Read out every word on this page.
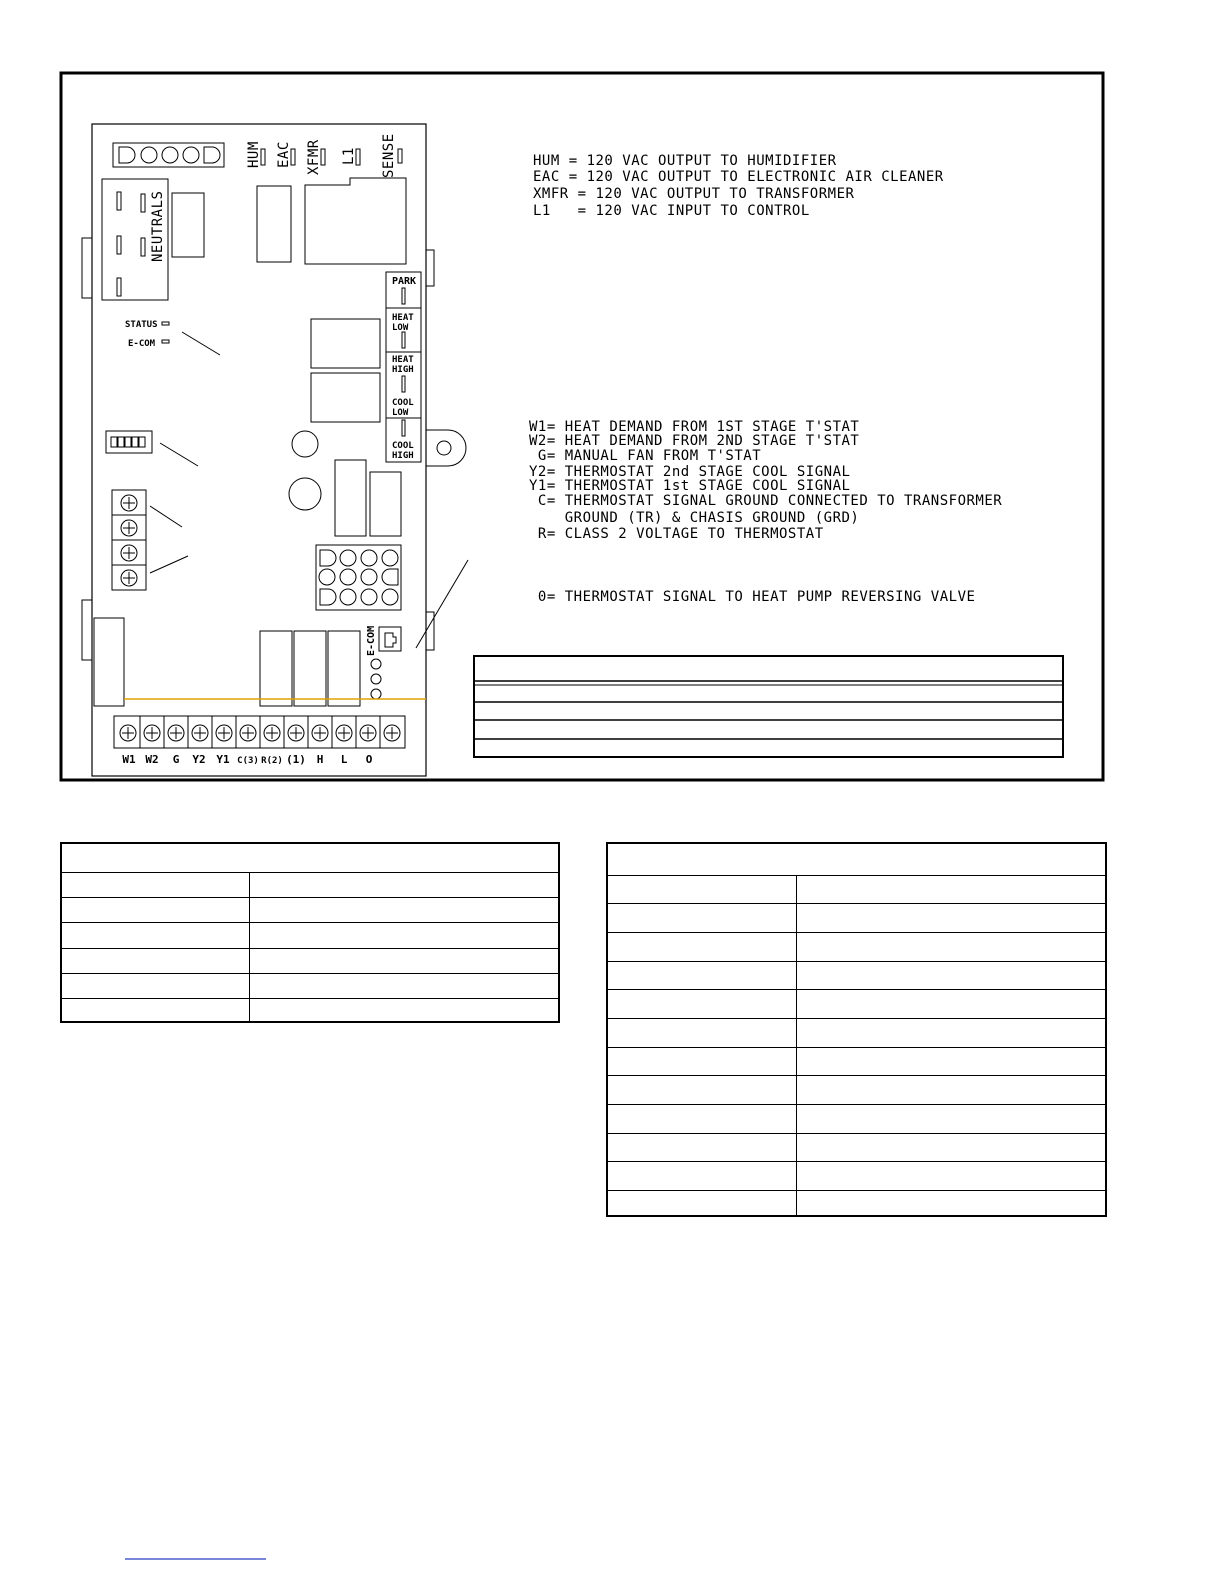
HUM EAC XFMR L1 SENSE
NEUTRALS
PARK
HEAT
LOW
HEAT
HIGH
COOL
LOW
COOL
HIGH
STATUS
E-COM
E-COM
W1 W2 G Y2 Y1 C(3) R(2) (1) H L O
HUM = 120 VAC OUTPUT TO HUMIDIFIER
EAC = 120 VAC OUTPUT TO ELECTRONIC AIR CLEANER
XMFR = 120 VAC OUTPUT TO TRANSFORMER
L1   = 120 VAC INPUT TO CONTROL
W1= HEAT DEMAND FROM 1ST STAGE T'STAT
W2= HEAT DEMAND FROM 2ND STAGE T'STAT
G= MANUAL FAN FROM T'STAT
Y2= THERMOSTAT 2nd STAGE COOL SIGNAL
Y1= THERMOSTAT 1st STAGE COOL SIGNAL
C= THERMOSTAT SIGNAL GROUND CONNECTED TO TRANSFORMER
GROUND (TR) & CHASIS GROUND (GRD)
R= CLASS 2 VOLTAGE TO THERMOSTAT
0= THERMOSTAT SIGNAL TO HEAT PUMP REVERSING VALVE
